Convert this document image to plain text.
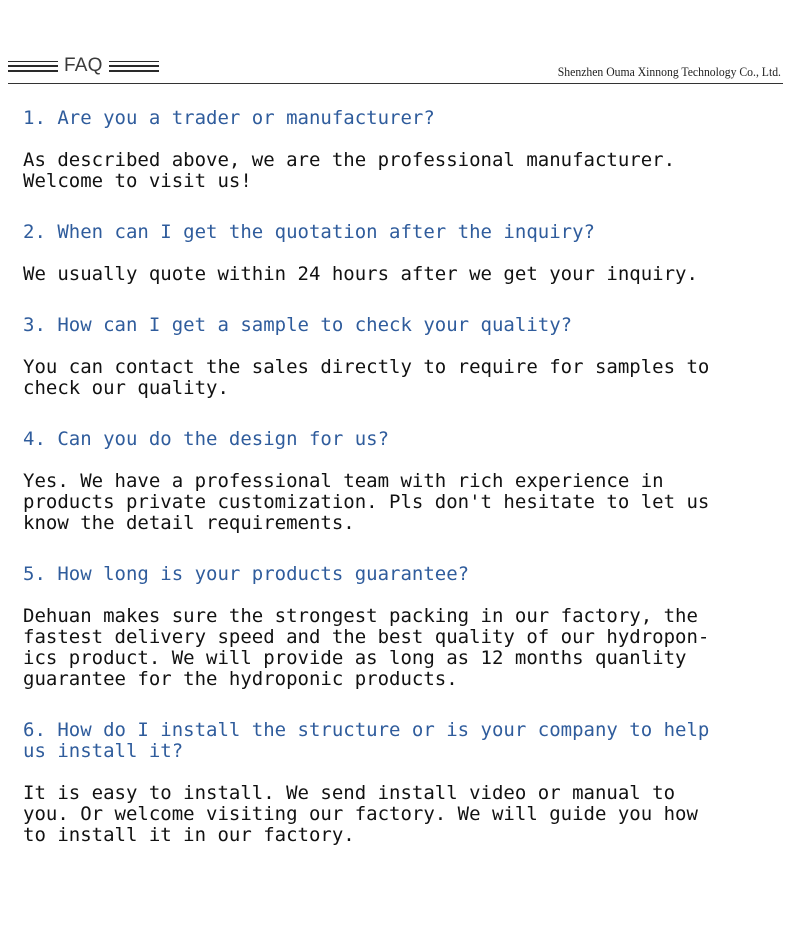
FAQ	Shenzhen Ouma Xinnong Technology Co., Ltd.

1. Are you a trader or manufacturer?

As described above, we are the professional manufacturer.
Welcome to visit us!

2. When can I get the quotation after the inquiry?

We usually quote within 24 hours after we get your inquiry.

3. How can I get a sample to check your quality?

You can contact the sales directly to require for samples to
check our quality.

4. Can you do the design for us?

Yes. We have a professional team with rich experience in
products private customization. Pls don't hesitate to let us
know the detail requirements.

5. How long is your products guarantee?

Dehuan makes sure the strongest packing in our factory, the
fastest delivery speed and the best quality of our hydropon-
ics product. We will provide as long as 12 months quanlity
guarantee for the hydroponic products.

6. How do I install the structure or is your company to help
us install it?

It is easy to install. We send install video or manual to
you. Or welcome visiting our factory. We will guide you how
to install it in our factory.
